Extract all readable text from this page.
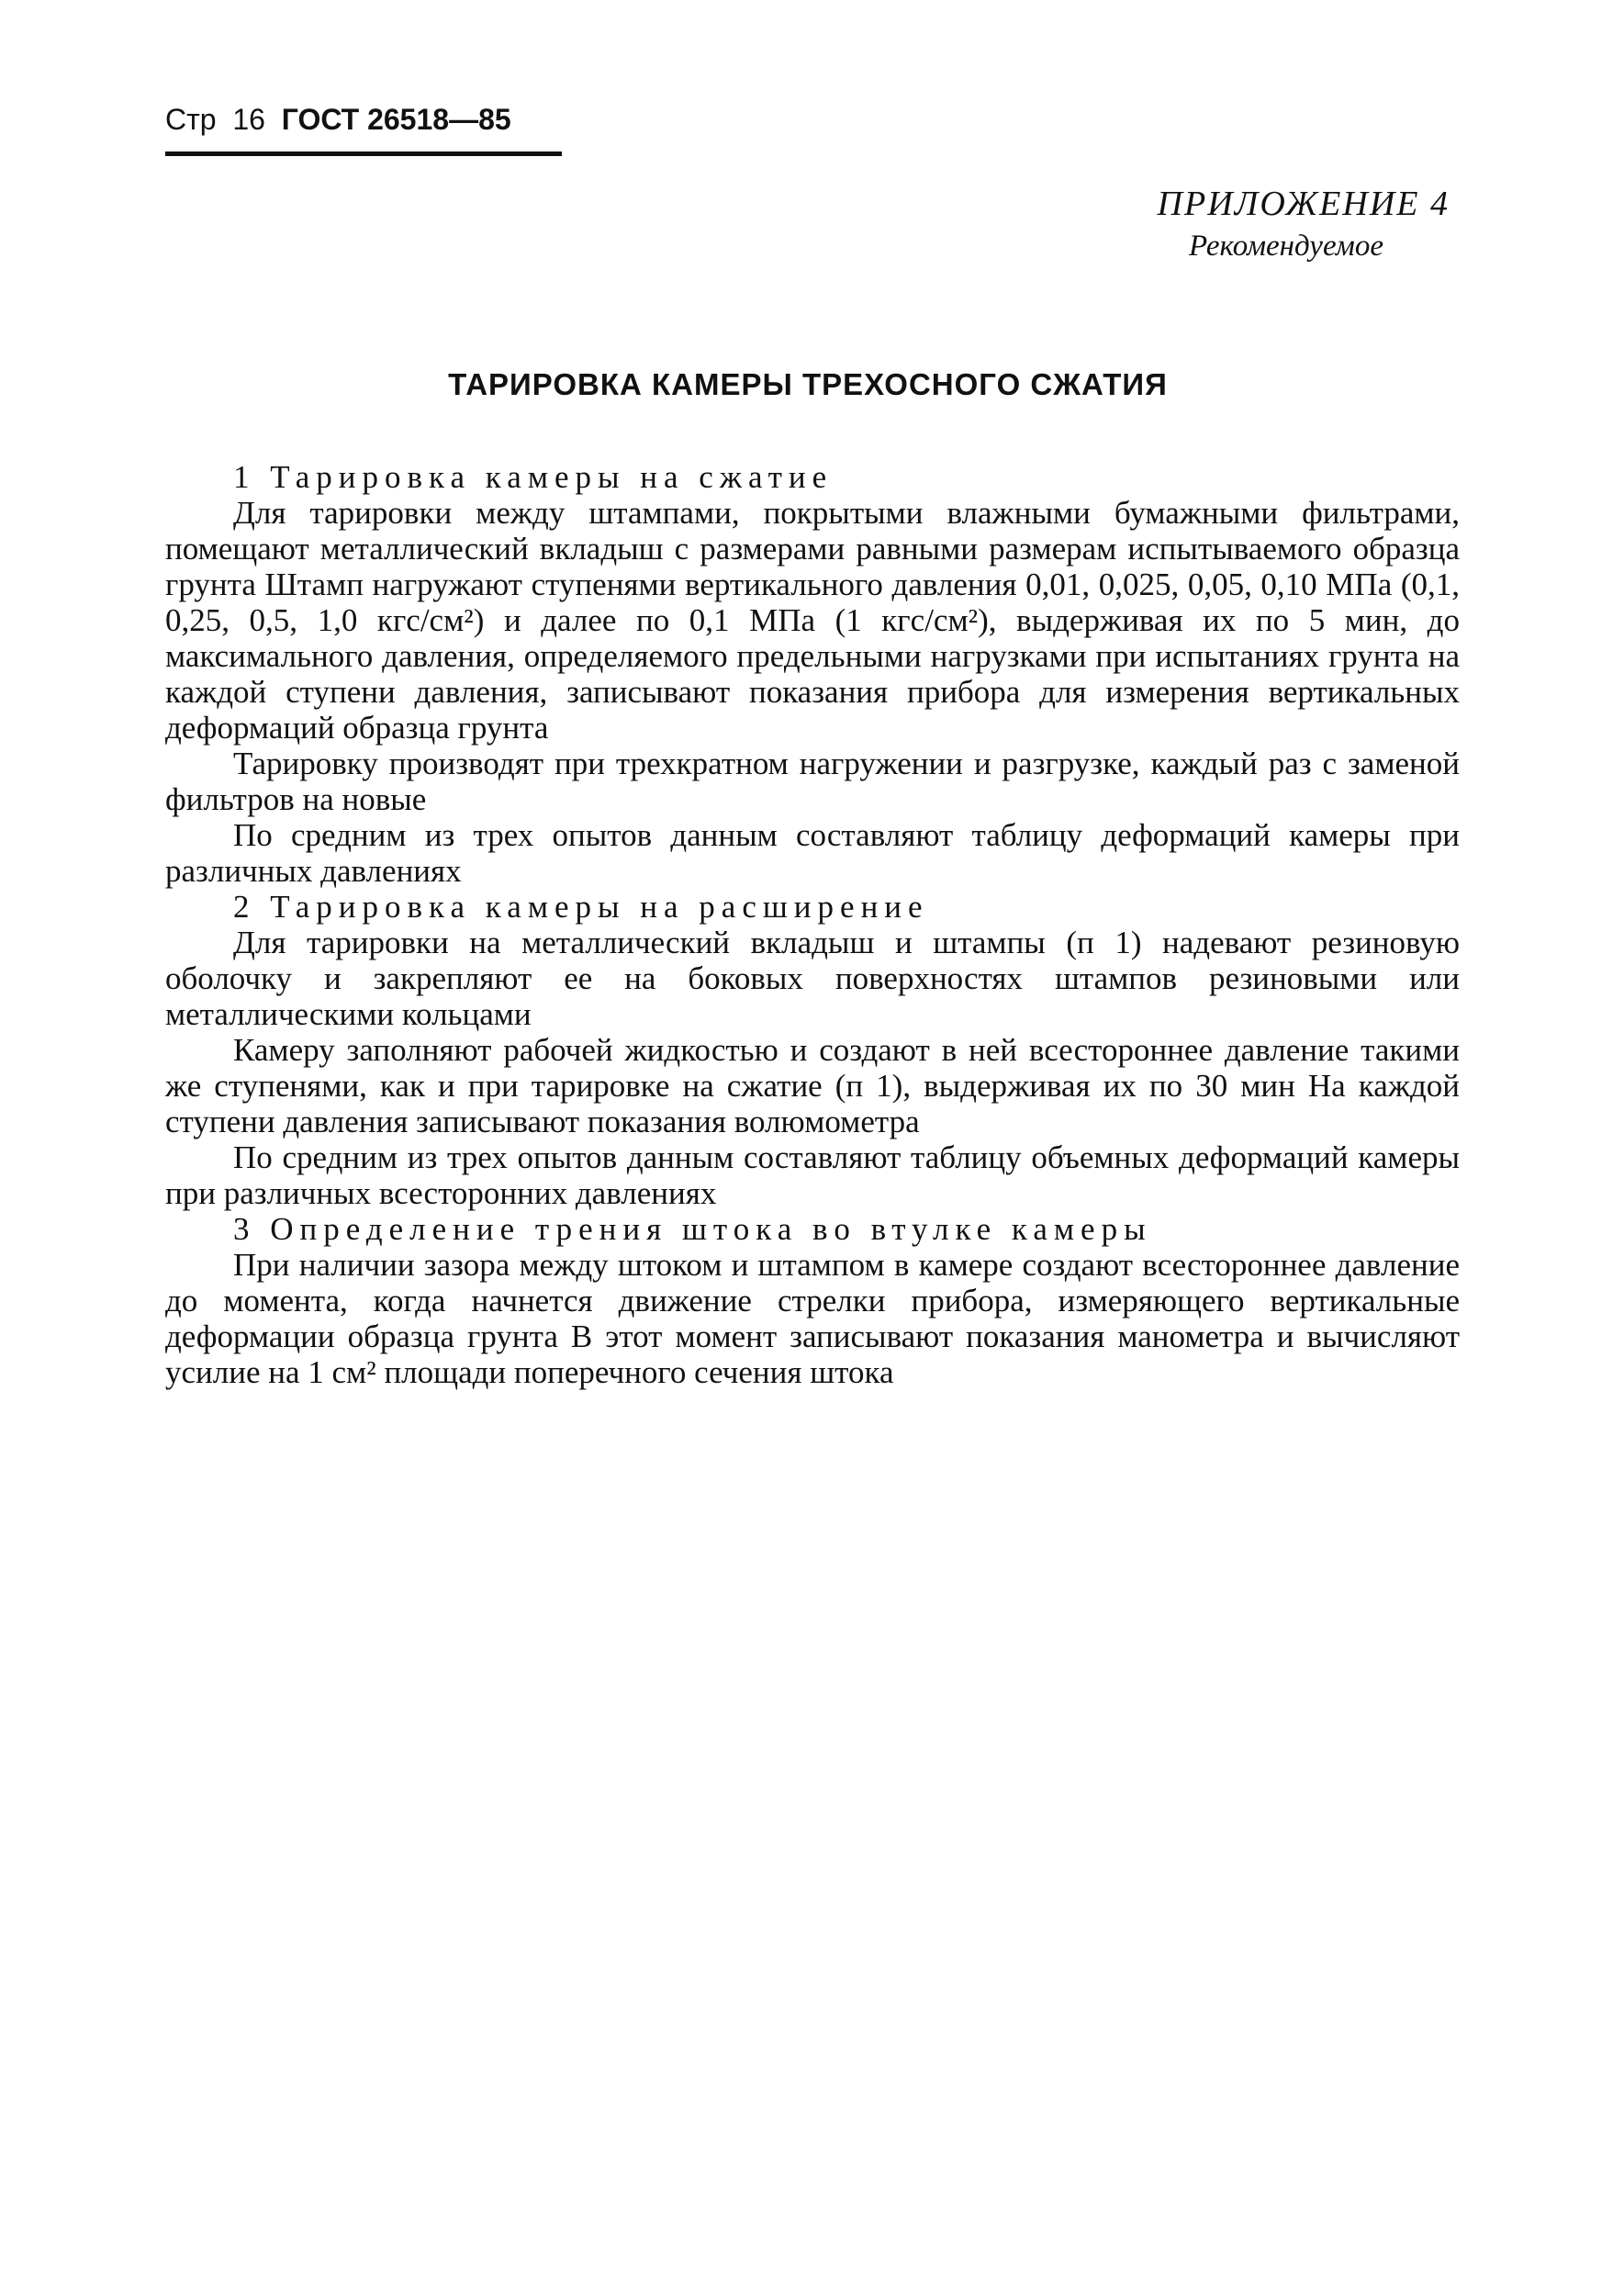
Стр 16 ГОСТ 26518—85
ПРИЛОЖЕНИЕ 4
Рекомендуемое
ТАРИРОВКА КАМЕРЫ ТРЕХОСНОГО СЖАТИЯ

1 Тарировка камеры на сжатие

Для тарировки между штампами, покрытыми влажными бумажными фильтрами, помещают металлический вкладыш с размерами равными размерам испытываемого образца грунта Штамп нагружают ступенями вертикального давления 0,01, 0,025, 0,05, 0,10 МПа (0,1, 0,25, 0,5, 1,0 кгс/см²) и далее по 0,1 МПа (1 кгс/см²), выдерживая их по 5 мин, до максимального давления, определяемого предельными нагрузками при испытаниях грунта на каждой ступени давления, записывают показания прибора для измерения вертикальных деформаций образца грунта

Тарировку производят при трехкратном нагружении и разгрузке, каждый раз с заменой фильтров на новые

По средним из трех опытов данным составляют таблицу деформаций камеры при различных давлениях

2 Тарировка камеры на расширение

Для тарировки на металлический вкладыш и штампы (п 1) надевают резиновую оболочку и закрепляют ее на боковых поверхностях штампов резиновыми или металлическими кольцами

Камеру заполняют рабочей жидкостью и создают в ней всестороннее давление такими же ступенями, как и при тарировке на сжатие (п 1), выдерживая их по 30 мин На каждой ступени давления записывают показания волюмометра

По средним из трех опытов данным составляют таблицу объемных деформаций камеры при различных всесторонних давлениях

3 Определение трения штока во втулке камеры

При наличии зазора между штоком и штампом в камере создают всестороннее давление до момента, когда начнется движение стрелки прибора, измеряющего вертикальные деформации образца грунта В этот момент записывают показания манометра и вычисляют усилие на 1 см² площади поперечного сечения штока
